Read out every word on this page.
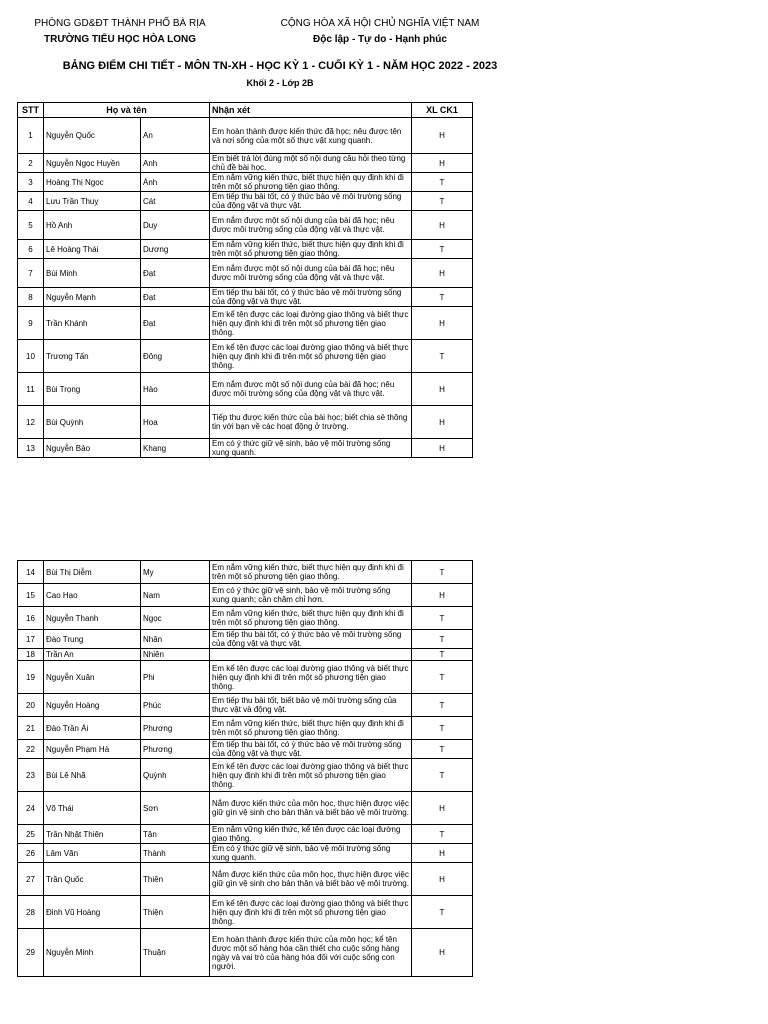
PHÒNG GD&ĐT THÀNH PHỐ BÀ RỊA
TRƯỜNG TIỂU HỌC HÒA LONG
CỘNG HÒA XÃ HỘI CHỦ NGHĨA VIỆT NAM
Độc lập - Tự do - Hạnh phúc
BẢNG ĐIỂM CHI TIẾT - MÔN TN-XH - HỌC KỲ 1 - CUỐI KỲ 1 - NĂM HỌC 2022 - 2023
Khối 2 - Lớp 2B
STT	Họ và tên		Nhận xét	XL CK1
1	Nguyễn Quốc	An	Em hoàn thành được kiến thức đã học; nêu được tên và nơi sống của một số thực vật xung quanh.	H
2	Nguyễn Ngọc Huyền	Anh	Em biết trả lời đúng một số nội dung câu hỏi theo từng chủ đề bài học.	H
3	Hoàng Thị Ngọc	Ánh	Em nắm vững kiến thức, biết thực hiện quy định khi đi trên một số phương tiện giao thông.	T
4	Lưu Trần Thuỵ	Cát	Em tiếp thu bài tốt, có ý thức bảo vệ môi trường sống của động vật và thực vật.	T
5	Hồ Anh	Duy	Em nắm được một số nội dung của bài đã học; nêu được môi trường sống của động vật và thực vật.	H
6	Lê Hoàng Thái	Dương	Em nắm vững kiến thức, biết thực hiện quy định khi đi trên một số phương tiện giao thông.	T
7	Bùi Minh	Đạt	Em nắm được một số nội dung của bài đã học; nêu được môi trường sống của động vật và thực vật.	H
8	Nguyễn Mạnh	Đạt	Em tiếp thu bài tốt, có ý thức bảo vệ môi trường sống của động vật và thực vật.	T
9	Trần Khánh	Đạt	Em kể tên được các loại đường giao thông và biết thực hiện quy định khi đi trên một số phương tiện giao thông.	H
10	Trương Tấn	Đông	Em kể tên được các loại đường giao thông và biết thực hiện quy định khi đi trên một số phương tiện giao thông.	T
11	Bùi Trọng	Hào	Em nắm được một số nội dung của bài đã học; nêu được môi trường sống của động vật và thực vật.	H
12	Bùi Quỳnh	Hoa	Tiếp thu được kiến thức của bài học; biết chia sẻ thông tin với bạn về các hoạt động ở trường.	H
13	Nguyễn Bảo	Khang	Em có ý thức giữ vệ sinh, bảo vệ môi trường sống xung quanh.	H
14	Bùi Thị Diễm	My	Em nắm vững kiến thức, biết thực hiện quy định khi đi trên một số phương tiện giao thông.	T
15	Cao Hạo	Nam	Em có ý thức giữ vệ sinh, bảo vệ môi trường sống xung quanh; cần chăm chỉ hơn.	H
16	Nguyễn Thanh	Ngọc	Em nắm vững kiến thức, biết thực hiện quy định khi đi trên một số phương tiện giao thông.	T
17	Đào Trung	Nhân	Em tiếp thu bài tốt, có ý thức bảo vệ môi trường sống của động vật và thực vật.	T
18	Trần An	Nhiên		T
19	Nguyễn Xuân	Phi	Em kể tên được các loại đường giao thông và biết thực hiện quy định khi đi trên một số phương tiện giao thông.	T
20	Nguyễn Hoàng	Phúc	Em tiếp thu bài tốt, biết bảo vệ môi trường sống của thực vật và động vật.	T
21	Đào Trần Ái	Phương	Em nắm vững kiến thức, biết thực hiện quy định khi đi trên một số phương tiện giao thông.	T
22	Nguyễn Phạm Hà	Phương	Em tiếp thu bài tốt, có ý thức bảo vệ môi trường sống của động vật và thực vật.	T
23	Bùi Lê Nhã	Quỳnh	Em kể tên được các loại đường giao thông và biết thực hiện quy định khi đi trên một số phương tiện giao thông.	T
24	Võ Thái	Sơn	Nắm được kiến thức của môn học, thực hiện được việc giữ gìn vệ sinh cho bản thân và biết bảo vệ môi trường.	H
25	Trần Nhật Thiên	Tân	Em nắm vững kiến thức, kể tên được các loại đường giao thông.	T
26	Lâm Văn	Thành	Em có ý thức giữ vệ sinh, bảo vệ môi trường sống xung quanh.	H
27	Trần Quốc	Thiên	Nắm được kiến thức của môn học, thực hiện được việc giữ gìn vệ sinh cho bản thân và biết bảo vệ môi trường.	H
28	Đinh Vũ Hoàng	Thiện	Em kể tên được các loại đường giao thông và biết thực hiện quy định khi đi trên một số phương tiện giao thông.	T
29	Nguyễn Minh	Thuận	Em hoàn thành được kiến thức của môn học; kể tên được một số hàng hóa cần thiết cho cuộc sống hàng ngày và vai trò của hàng hóa đối với cuộc sống con người.	H
